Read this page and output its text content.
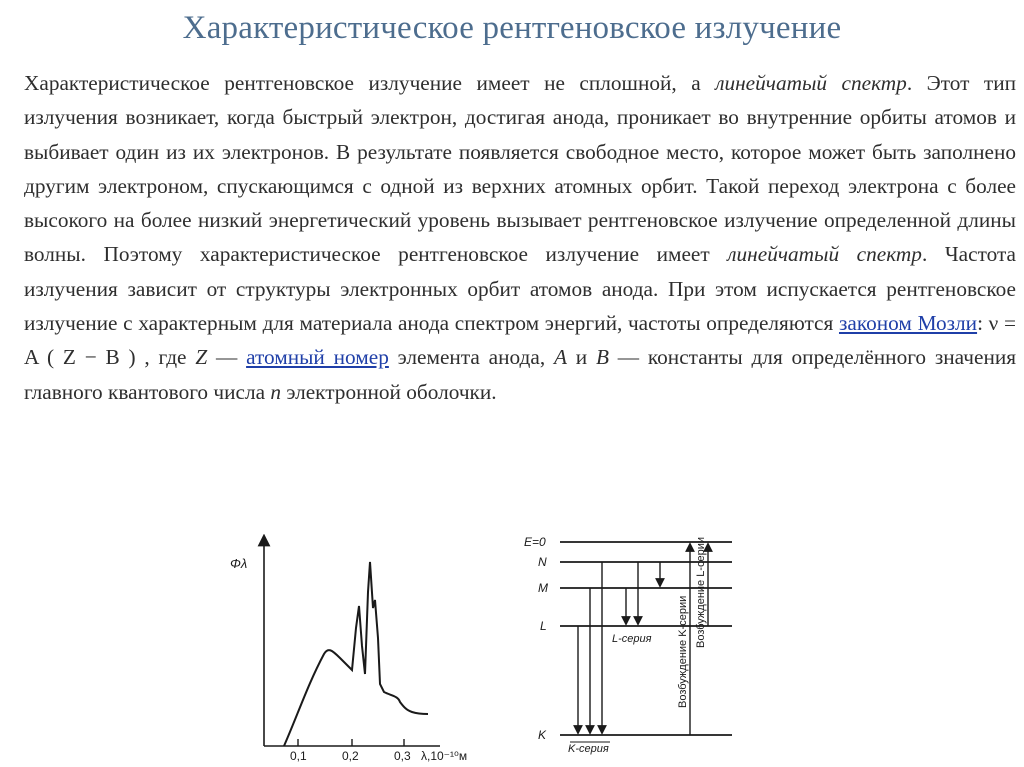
Характеристическое рентгеновское излучение
Характеристическое рентгеновское излучение имеет не сплошной, а линейчатый спектр. Этот тип излучения возникает, когда быстрый электрон, достигая анода, проникает во внутренние орбиты атомов и выбивает один из их электронов. В результате появляется свободное место, которое может быть заполнено другим электроном, спускающимся с одной из верхних атомных орбит. Такой переход электрона с более высокого на более низкий энергетический уровень вызывает рентгеновское излучение определенной длины волны. Поэтому характеристическое рентгеновское излучение имеет линейчатый спектр. Частота излучения зависит от структуры электронных орбит атомов анода. При этом испускается рентгеновское излучение с характерным для материала анода спектром энергий, частоты определяются законом Мозли: ν = A ( Z − B ) , где Z — атомный номер элемента анода, A и B — константы для определённого значения главного квантового числа n электронной оболочки.
Φλ
0,1	0,2	0,3 λ,10⁻¹⁰м
E=0
N
M
L
K
L-серия
K-серия
Возбуждение K-серии
Возбуждение L-серии
